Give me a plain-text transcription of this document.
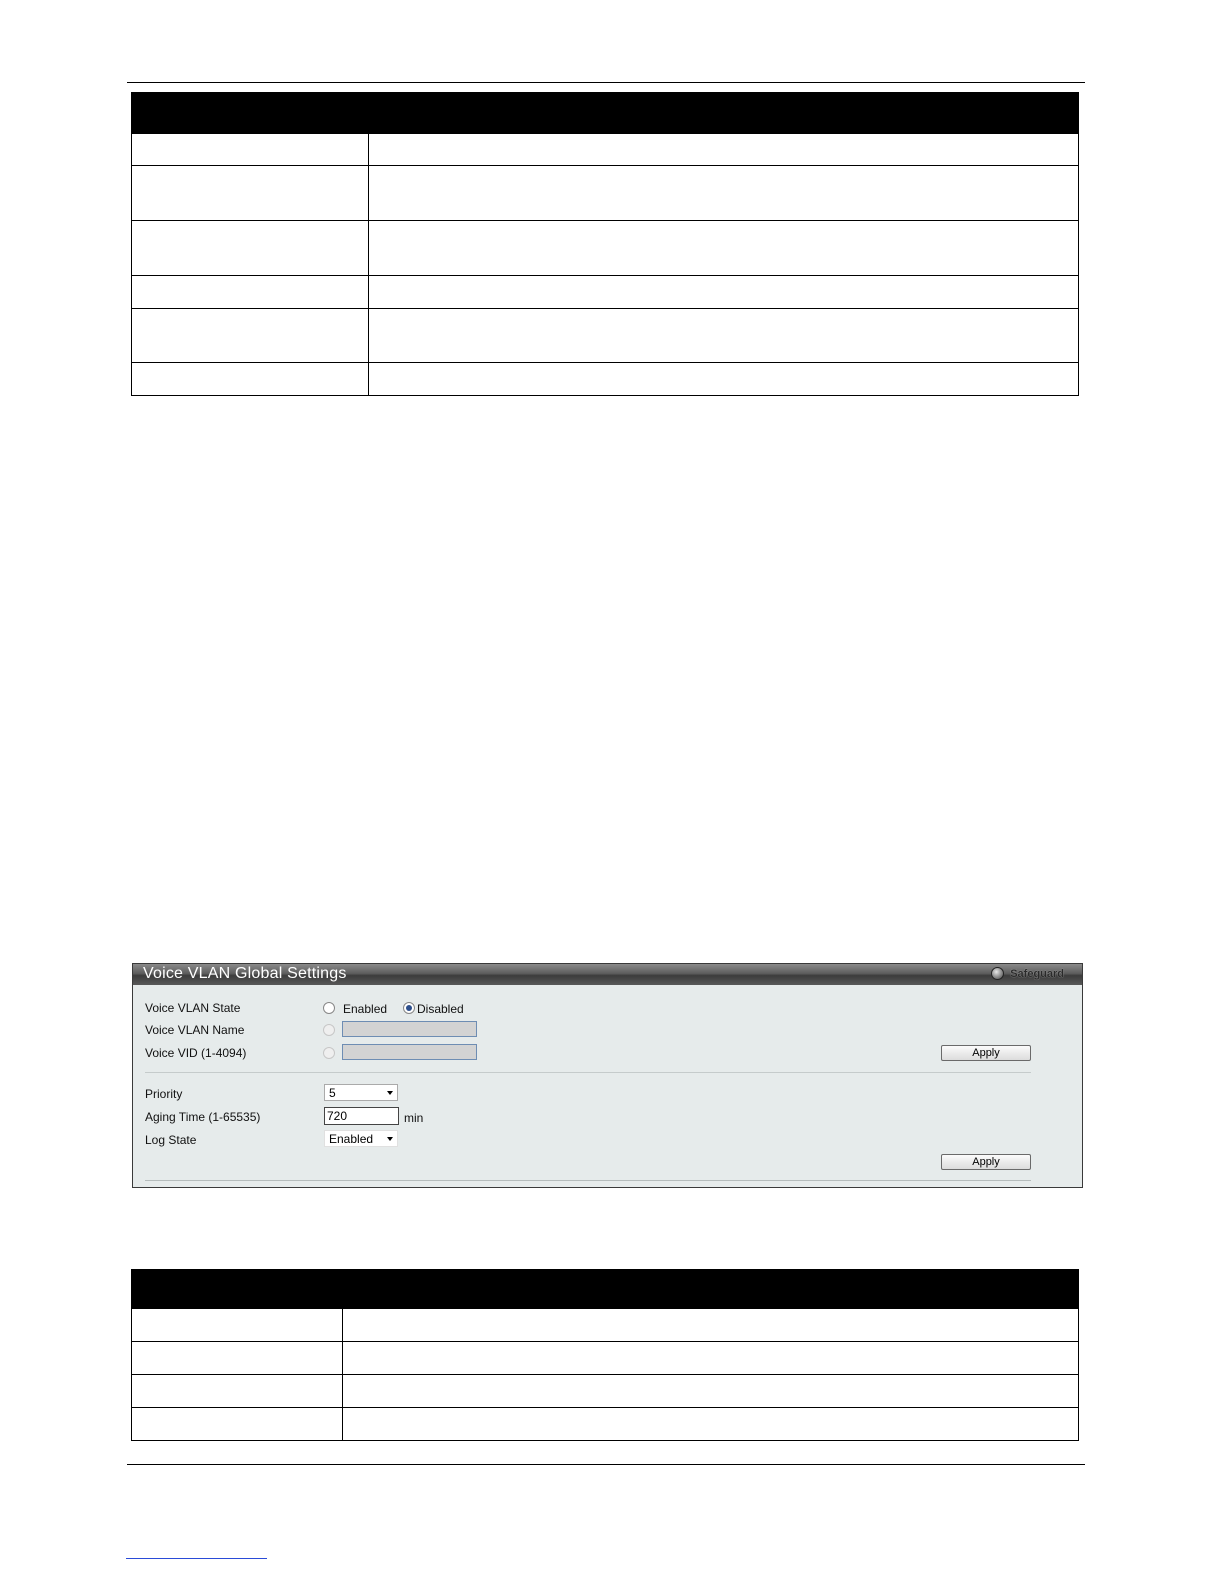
Voice VLAN Global Settings	Safeguard
Voice VLAN State	Enabled Disabled
Voice VLAN Name
Voice VID (1-4094)	Apply
Priority	5
Aging Time (1-65535)	720	min
Log State	Enabled
Apply
